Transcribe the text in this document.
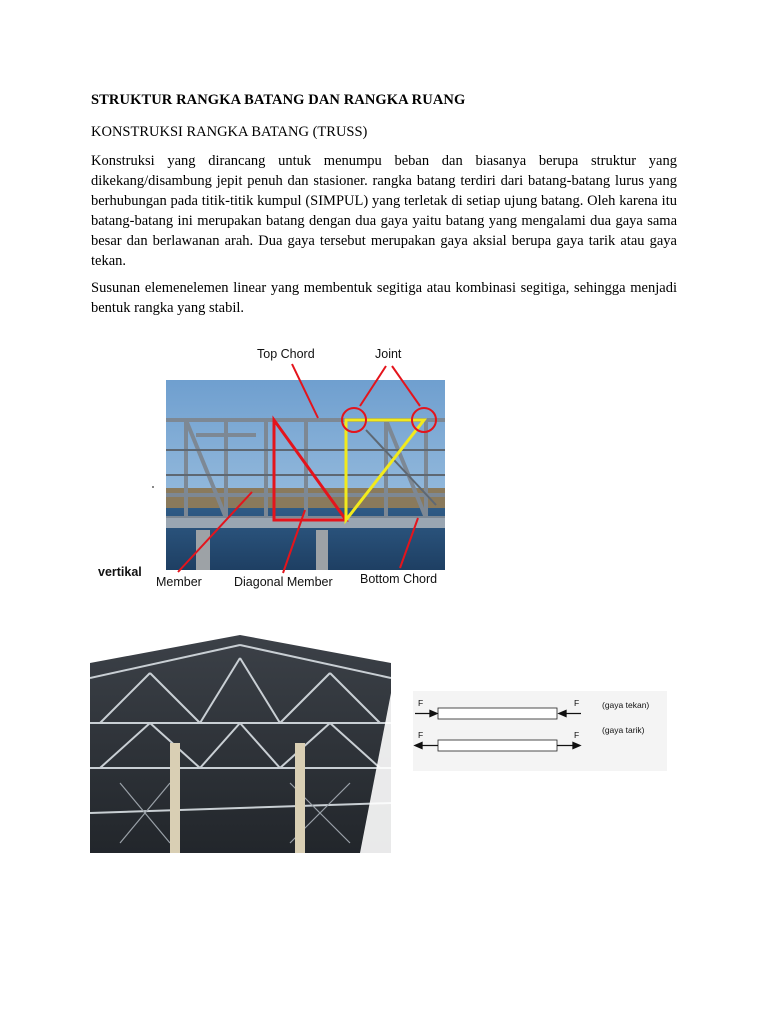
STRUKTUR RANGKA BATANG DAN RANGKA RUANG
KONSTRUKSI RANGKA BATANG (TRUSS)

Konstruksi yang dirancang untuk menumpu beban dan biasanya berupa struktur yang dikekang/disambung jepit penuh dan stasioner. rangka batang terdiri dari batang-batang lurus yang berhubungan pada titik-titik kumpul (SIMPUL) yang terletak di setiap ujung batang. Oleh karena itu batang-batang ini merupakan batang dengan dua gaya yaitu batang yang mengalami dua gaya sama besar dan berlawanan arah. Dua gaya tersebut merupakan gaya aksial berupa gaya tarik atau gaya tekan.

Susunan elemenelemen linear yang membentuk segitiga atau kombinasi segitiga, sehingga menjadi bentuk rangka yang stabil.

Top Chord	Joint
vertikal
Member	Diagonal Member Bottom Chord
F	F
F	F
(gaya tekan)
(gaya tarik)
